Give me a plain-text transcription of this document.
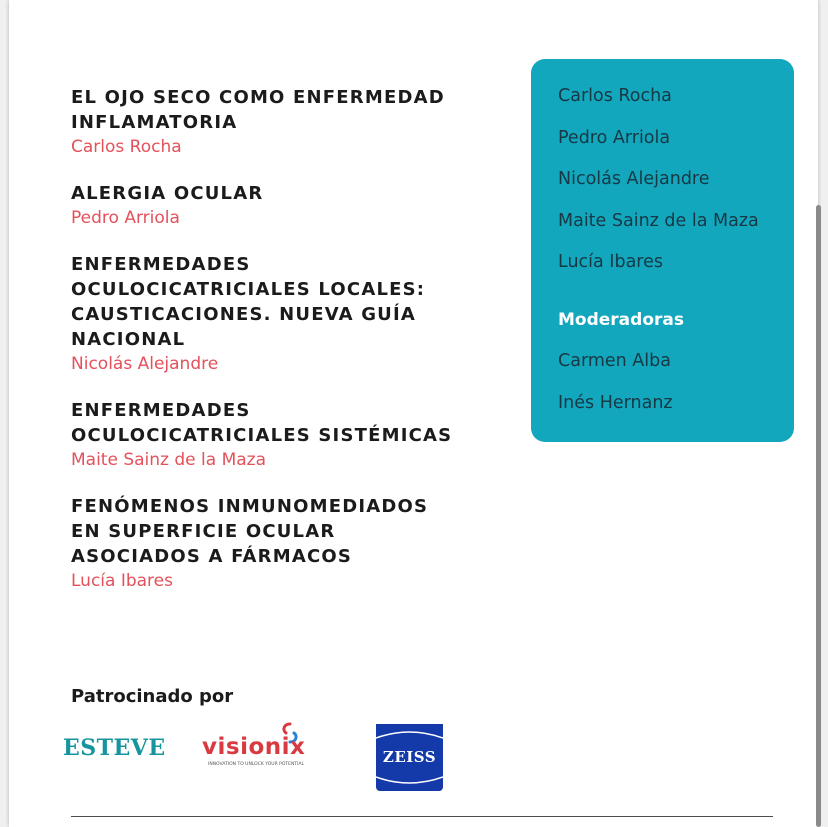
EL OJO SECO COMO ENFERMEDAD
INFLAMATORIA
Carlos Rocha
ALERGIA OCULAR
Pedro Arriola
ENFERMEDADES
OCULOCICATRICIALES LOCALES:
CAUSTICACIONES. NUEVA GUÍA
NACIONAL
Nicolás Alejandre
ENFERMEDADES
OCULOCICATRICIALES SISTÉMICAS
Maite Sainz de la Maza
FENÓMENOS INMUNOMEDIADOS
EN SUPERFICIE OCULAR
ASOCIADOS A FÁRMACOS
Lucía Ibares
Patrocinado por
Carlos Rocha
Pedro Arriola
Nicolás Alejandre
Maite Sainz de la Maza
Lucía Ibares
Moderadoras
Carmen Alba
Inés Hernanz
ESTEVE visionix
INNOVATION TO UNLOCK YOUR POTENTIAL	ZEISS
